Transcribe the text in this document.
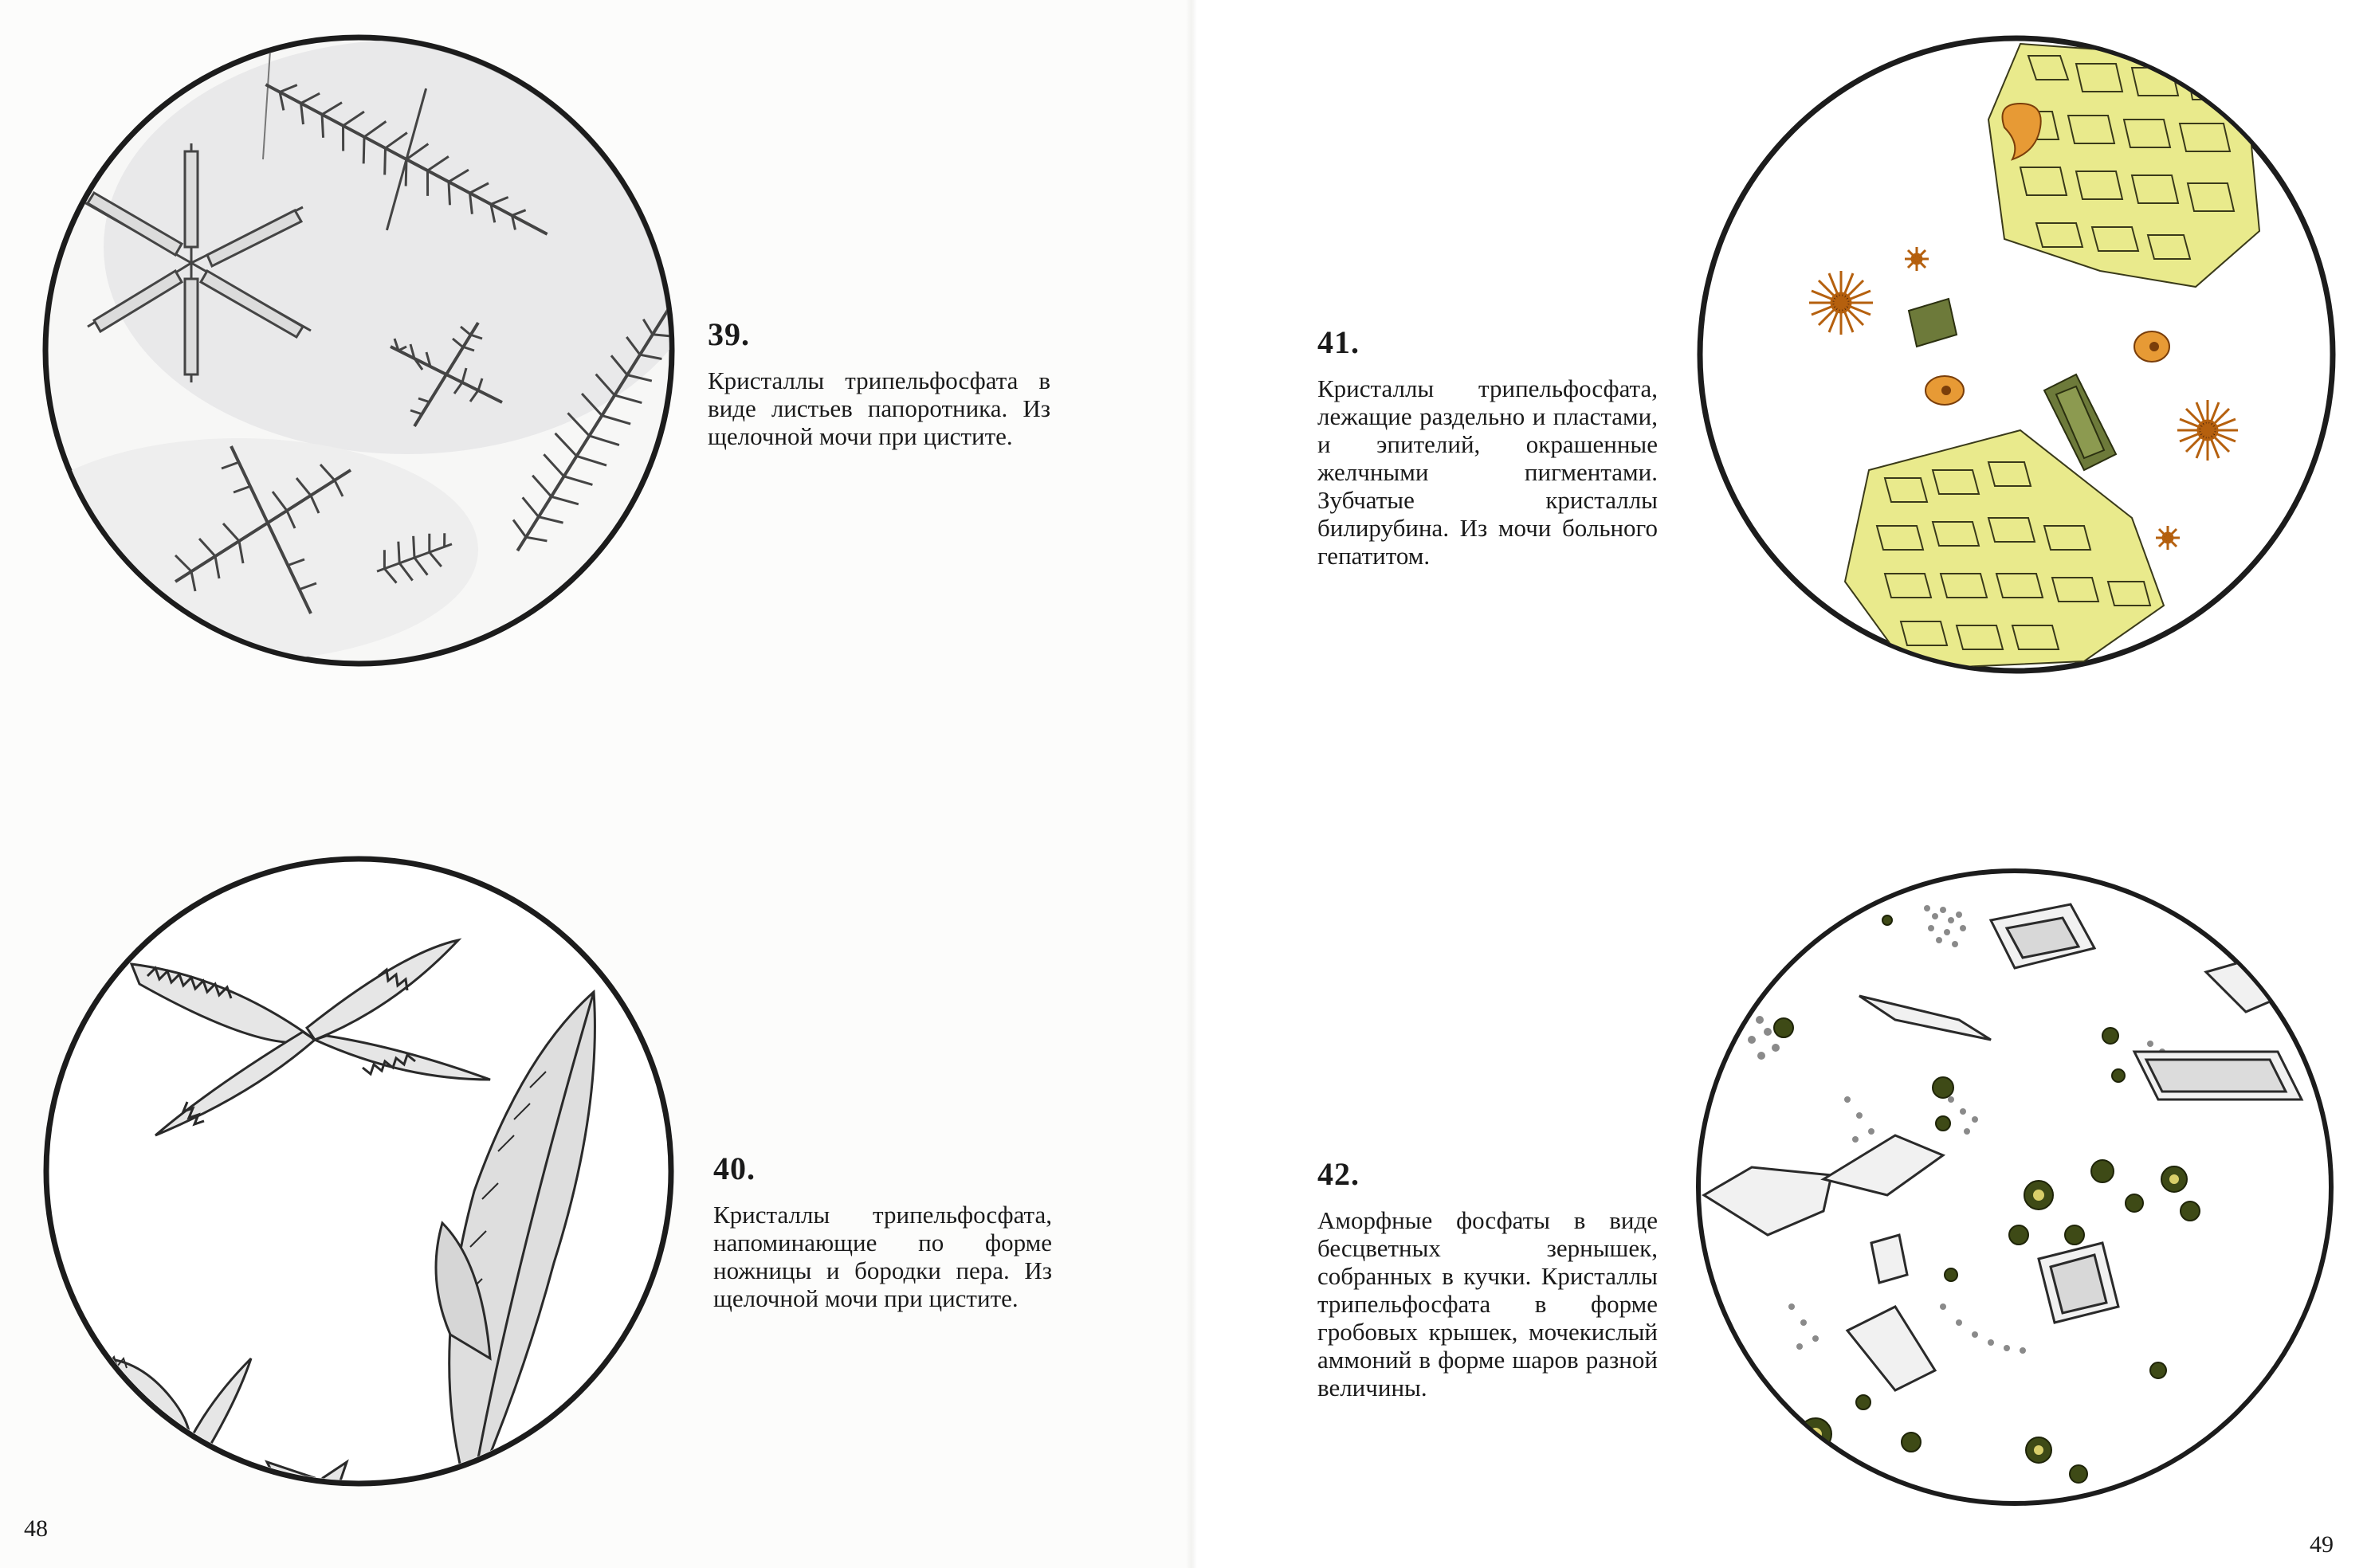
39.

Кристаллы трипельфосфата в виде листьев папоротника. Из щелочной мочи при цистите.

40.

Кристаллы трипельфосфата, напоминающие по форме ножницы и бородки пера. Из щелочной мочи при цистите.

48
41.

Кристаллы трипельфосфата, лежащие раздельно и пластами, и эпителий, окрашенные желчными пигментами. Зубчатые кристаллы билирубина. Из мочи больного гепатитом.

42.

Аморфные фосфаты в виде бесцветных зернышек, собранных в кучки. Кристаллы трипельфосфата в форме гробовых крышек, мочекислый аммоний в форме шаров разной величины.

49
